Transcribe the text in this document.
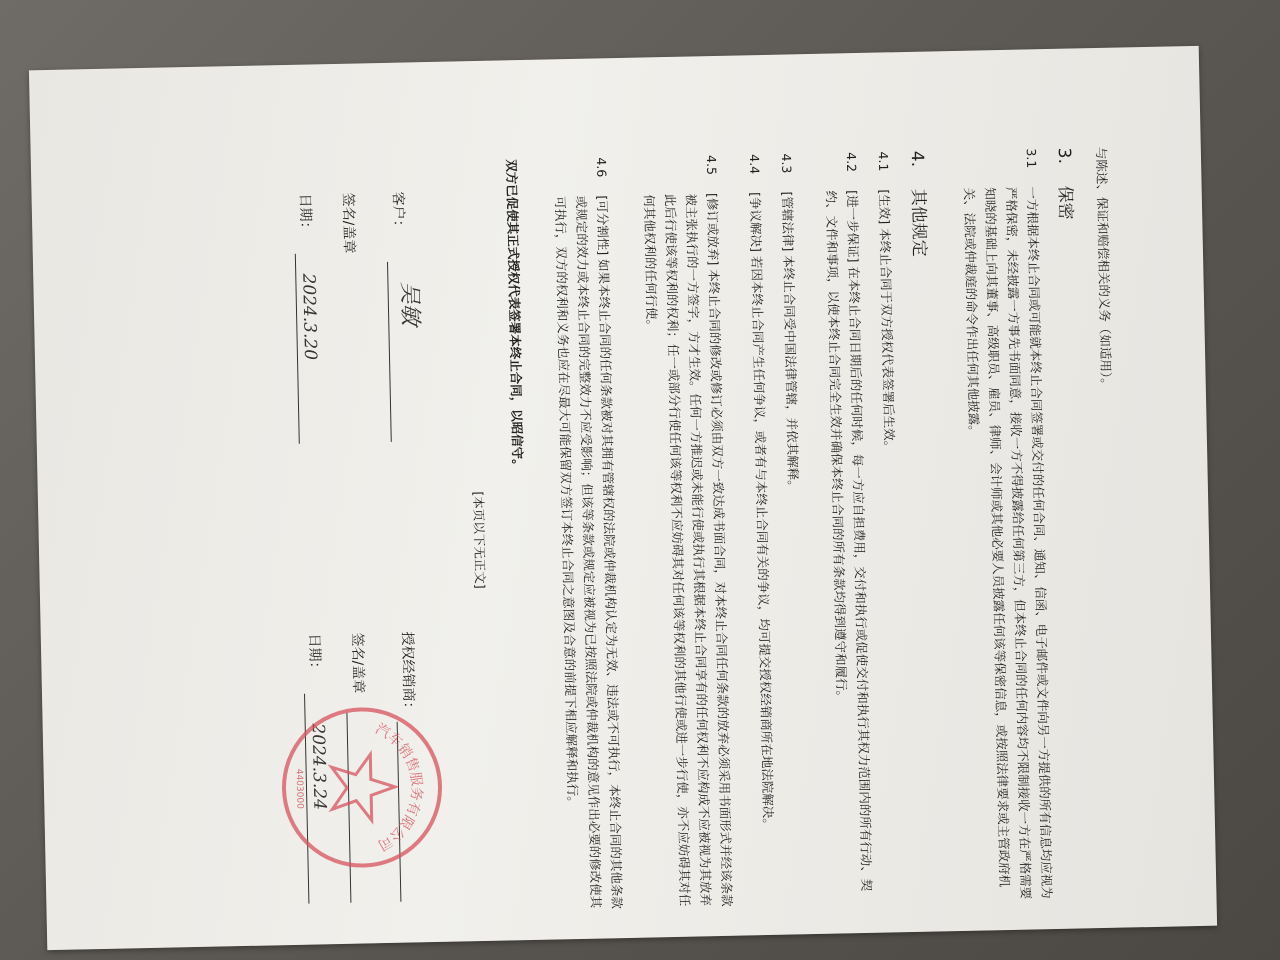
与陈述、保证和赔偿相关的义务（如适用）。
3.
保密
3.1
一方根据本终止合同或可能就本终止合同签署或交付的任何合同、通知、信函、电子邮件或文件向另一方提供的所有信息均应视为严格保密，未经披露一方事先书面同意，接收一方不得披露给任何第三方，但本终止合同的任何内容均不限制接收一方在严格需要知晓的基础上向其董事、高级职员、雇员、律师、会计师或其他必要人员披露任何该等保密信息，或按照法律要求或主管政府机关、法院或仲裁庭的命令作出任何其他披露。
4.
其他规定
4.1
[生效] 本终止合同于双方授权代表签署后生效。
4.2
[进一步保证] 在本终止合同日期后的任何时候，每一方应自担费用，交付和执行或促使交付和执行其权力范围内的所有行动、契约、文件和事项，以使本终止合同完全生效并确保本终止合同的所有条款均得到遵守和履行。
4.3
[管辖法律] 本终止合同受中国法律管辖，并依其解释。
4.4
[争议解决] 若因本终止合同产生任何争议，或者有与本终止合同有关的争议，均可提交授权经销商所在地法院解决。
4.5
[修订或放弃] 本终止合同的修改或修订必须由双方一致达成书面合同，对本终止合同任何条款的放弃必须采用书面形式并经该条款被主张执行的一方签字，方才生效。任何一方推迟或未能行使或执行其根据本终止合同享有的任何权利不应构成不应被视为其放弃此后行使该等权利的权利；任一或部分行使任何该等权利不应妨碍其对任何该等权利的其他行使或进一步行使，亦不应妨碍其对任何其他权利的任何行使。
4.6
[可分割性] 如果本终止合同的任何条款被对其拥有管辖权的法院或仲裁机构认定为无效、违法或不可执行，本终止合同的其他条款或规定的效力或本终止合同的完整效力不应受影响；但该等条款或规定应被视为已按照法院或仲裁机构的意见作出必要的修改使其可执行，双方的权利和义务也应在尽最大可能保留双方签订本终止合同之意图及合意的前提下相应解释和执行。
双方已促使其正式授权代表签署本终止合同，以昭信守。
[本页以下无正文]
客户：
吴敏
签名/盖章
日期：
2024.3.20
授权经销商：
签名/盖章
日期：
2024.3.24	汽车销售服务有限公司
4403000
